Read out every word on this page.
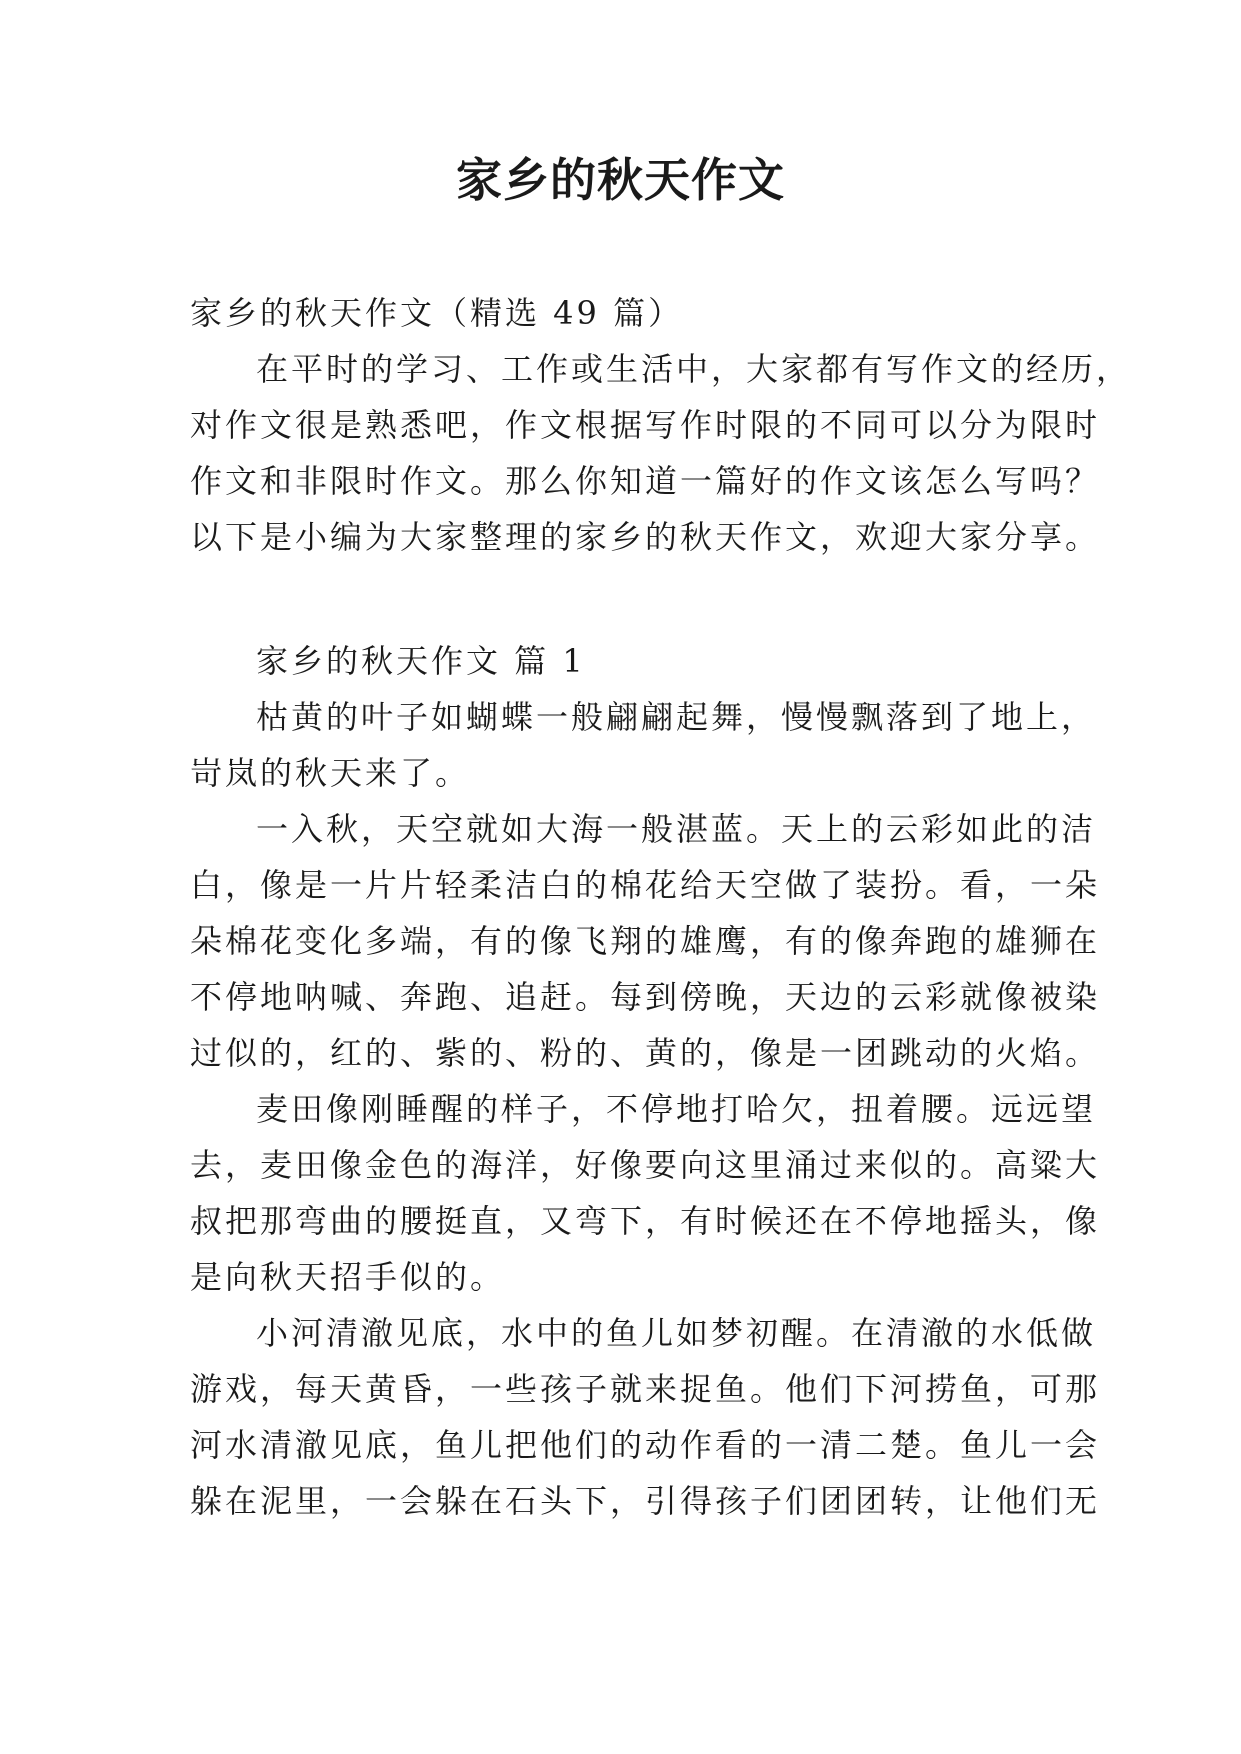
家乡的秋天作文
家乡的秋天作文（精选 49 篇）
在平时的学习、工作或生活中，大家都有写作文的经历，
对作文很是熟悉吧，作文根据写作时限的不同可以分为限时
作文和非限时作文。那么你知道一篇好的作文该怎么写吗？
以下是小编为大家整理的家乡的秋天作文，欢迎大家分享。
家乡的秋天作文 篇 1
枯黄的叶子如蝴蝶一般翩翩起舞，慢慢飘落到了地上，
岢岚的秋天来了。
一入秋，天空就如大海一般湛蓝。天上的云彩如此的洁
白，像是一片片轻柔洁白的棉花给天空做了装扮。看，一朵
朵棉花变化多端，有的像飞翔的雄鹰，有的像奔跑的雄狮在
不停地呐喊、奔跑、追赶。每到傍晚，天边的云彩就像被染
过似的，红的、紫的、粉的、黄的，像是一团跳动的火焰。
麦田像刚睡醒的样子，不停地打哈欠，扭着腰。远远望
去，麦田像金色的海洋，好像要向这里涌过来似的。高粱大
叔把那弯曲的腰挺直，又弯下，有时候还在不停地摇头，像
是向秋天招手似的。
小河清澈见底，水中的鱼儿如梦初醒。在清澈的水低做
游戏，每天黄昏，一些孩子就来捉鱼。他们下河捞鱼，可那
河水清澈见底，鱼儿把他们的动作看的一清二楚。鱼儿一会
躲在泥里，一会躲在石头下，引得孩子们团团转，让他们无
